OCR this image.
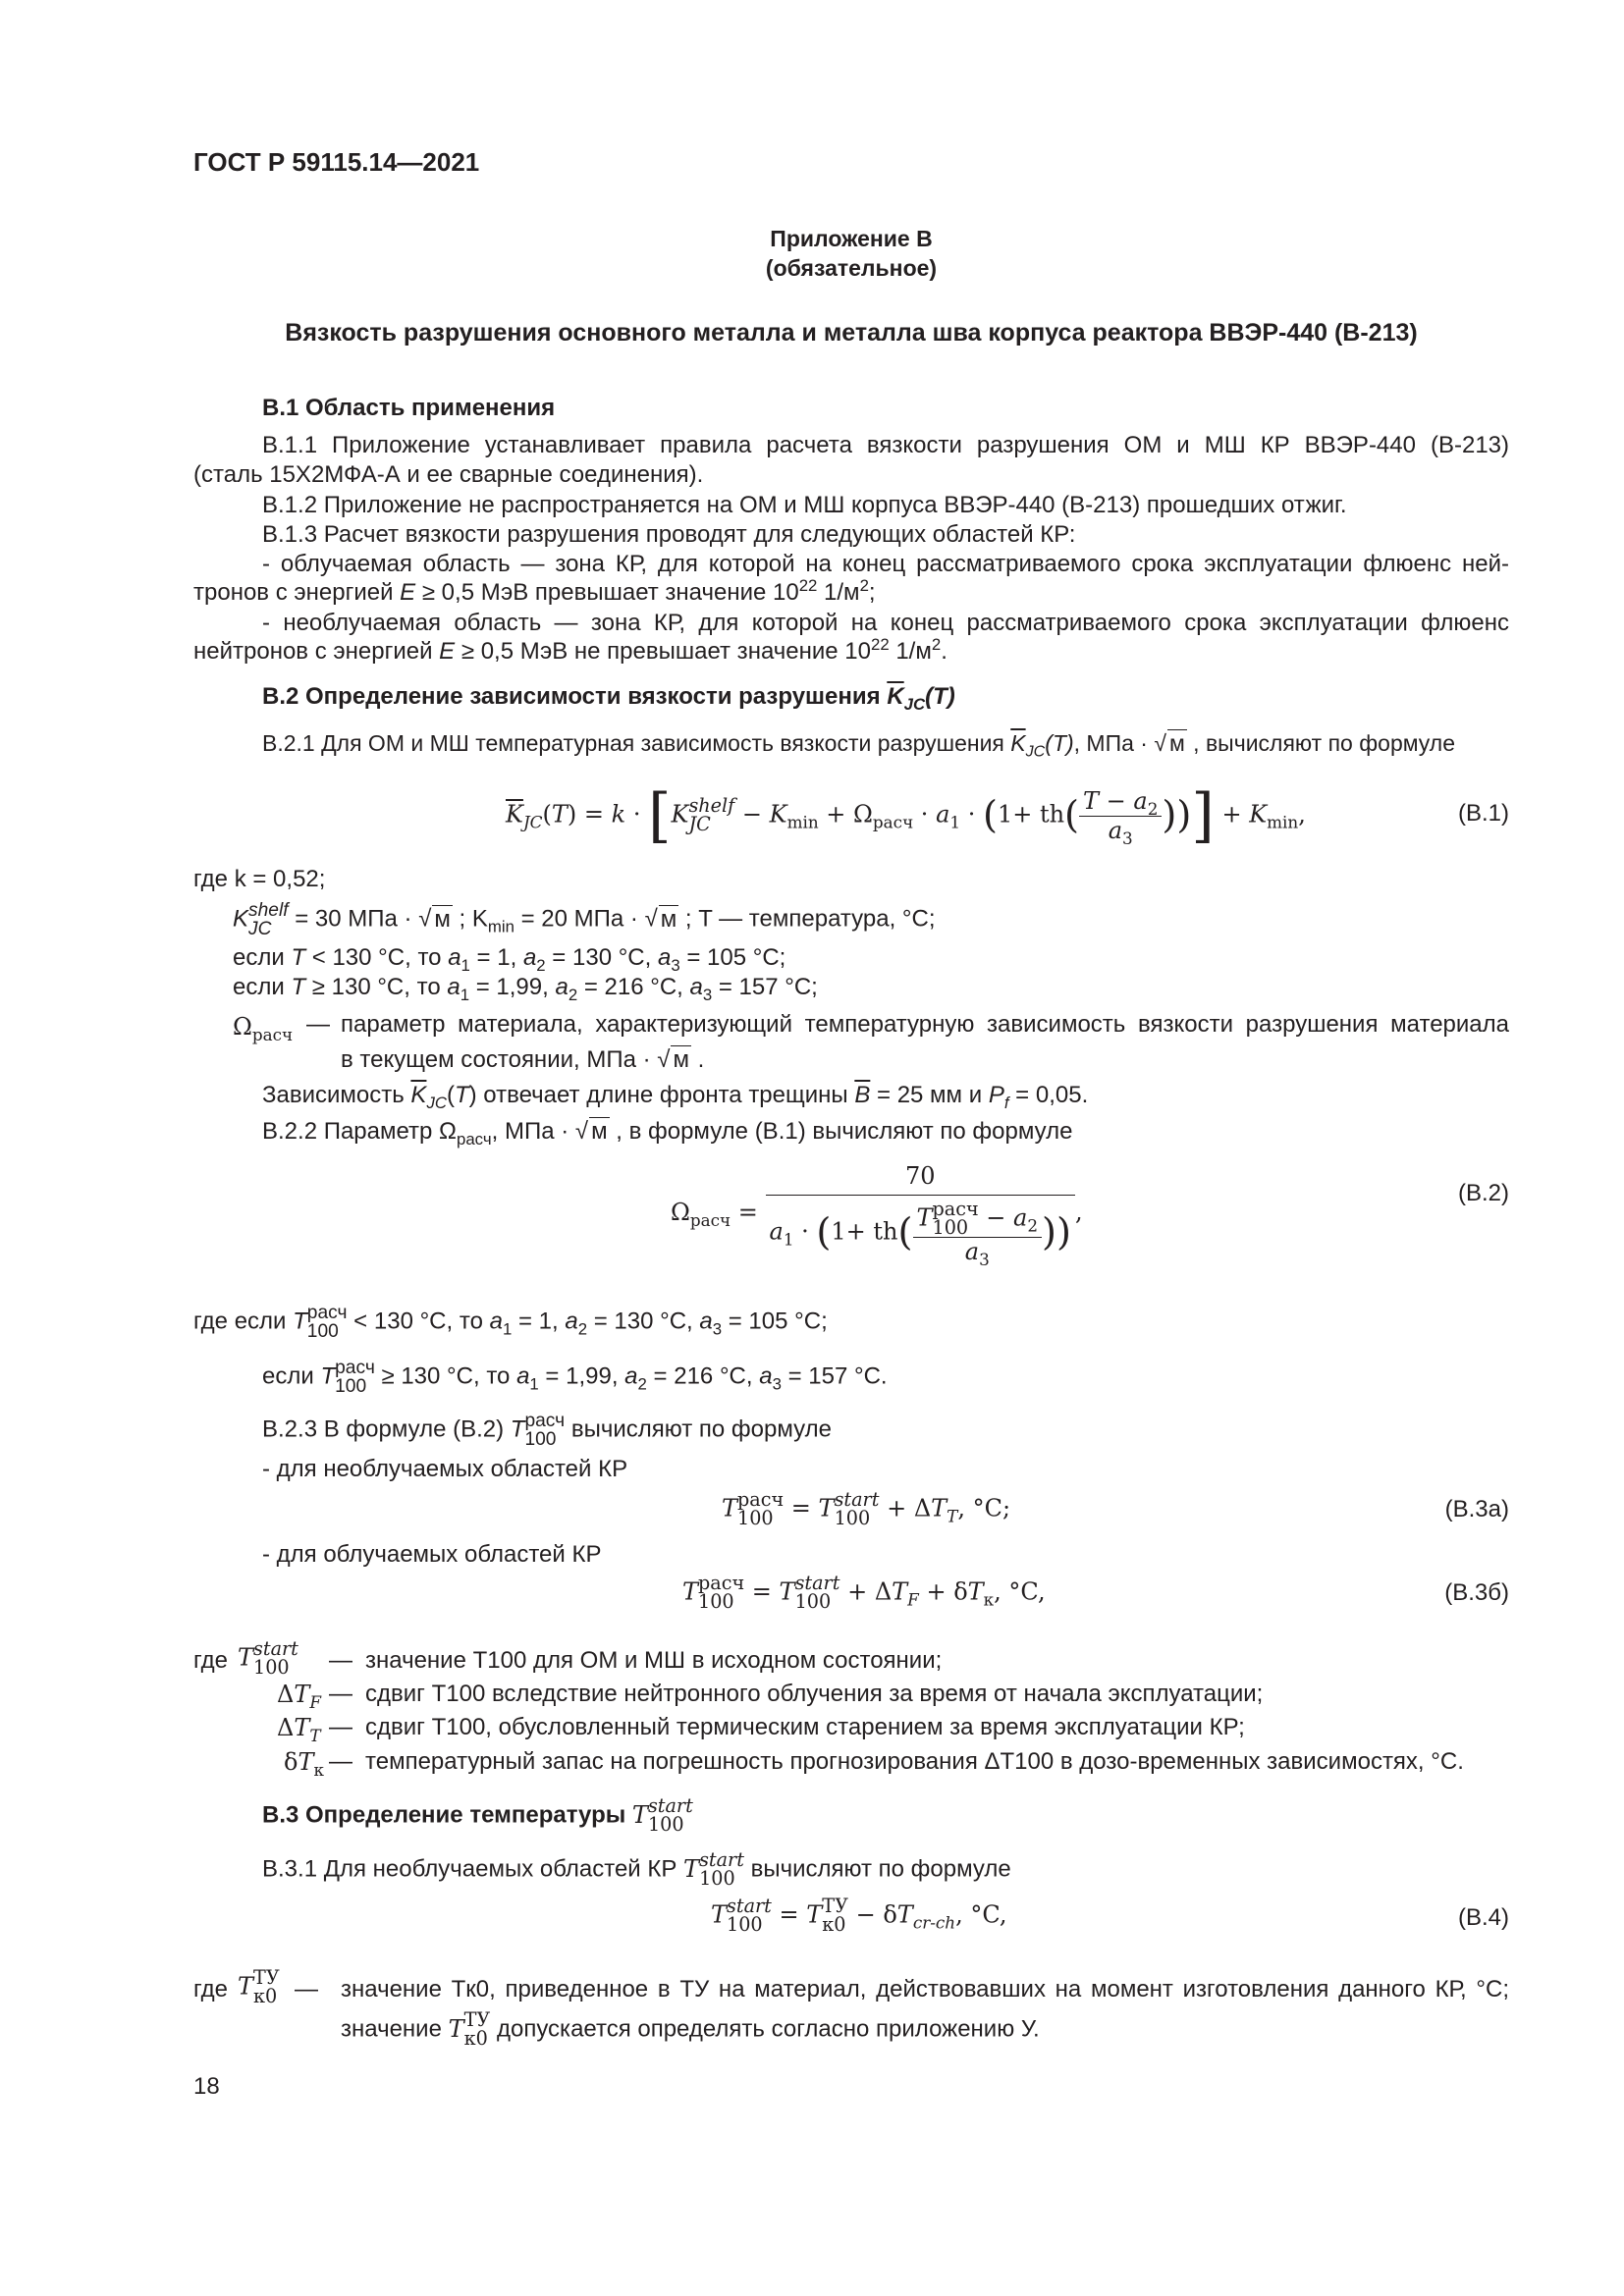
ГОСТ Р 59115.14—2021
Приложение В
(обязательное)
Вязкость разрушения основного металла и металла шва корпуса реактора ВВЭР-440 (В-213)
В.1 Область применения
В.1.1 Приложение устанавливает правила расчета вязкости разрушения ОМ и МШ КР ВВЭР-440 (В-213)
(сталь 15Х2МФА-А и ее сварные соединения).
В.1.2 Приложение не распространяется на ОМ и МШ корпуса ВВЭР-440 (В-213) прошедших отжиг.
В.1.3 Расчет вязкости разрушения проводят для следующих областей КР:
- облучаемая область — зона КР, для которой на конец рассматриваемого срока эксплуатации флюенс ней-
тронов с энергией E ≥ 0,5 МэВ превышает значение $10^{22}$ $1/м^2$;
- необлучаемая область — зона КР, для которой на конец рассматриваемого срока эксплуатации флюенс
нейтронов с энергией E ≥ 0,5 МэВ не превышает значение $10^{22}$ $1/м^2$.
В.2 Определение зависимости вязкости разрушения $\overline{K}_{JC}(T)$
В.2.1 Для ОМ и МШ температурная зависимость вязкости разрушения $\overline{K}_{JC}(T)$, МПа · √ м , вычисляют по формуле
$\overline{K}_{JC}(T) = k \cdot [K$ shelf
JC	− $K_{min} + \Omega_{расч} \cdot a_1 \cdot (1+ th( \frac{T - a_2}{a_3}$ ))] + $K_{min}$,	(В.1)
где k = 0,52;
K shelf
JC = 30 МПа · √ м ; $K_{min} = 20$ МПа · √ м ; T — температура, °C;
если T < 130 °C, то $a_1 = 1$, $a_2 = 130$ °C, $a_3 = 105$ °C;
если T ≥ 130 °C, то $a_1 = 1,99$, $a_2 = 216$ °C, $a_3 = 157$ °C;
$\Omega_{расч}$ — параметр материала, характеризующий температурную зависимость вязкости разрушения материала
в текущем состоянии, МПа · √ м .
Зависимость $\overline{K}_{JC}(T)$ отвечает длине фронта трещины $\overline{B} = 25$ мм и $P_f = 0,05$.
В.2.2 Параметр $\Omega_{расч}$, МПа · √ м , в формуле (В.1) вычисляют по формуле
$\Omega_{расч} = 70$
$a_1 \cdot (1+ th$( T расч
$100 - a_2$
$a_3$ )) ,
(В.2)
где если T расч
100 < 130 °C, то $a_1 = 1$, $a_2 = 130$ °C, $a_3 = 105$ °C;
если T расч
100 ≥ 130 °C, то $a_1 = 1,99$, $a_2 = 216$ °C, $a_3 = 157$ °C.
В.2.3 В формуле (В.2) T расч
100 вычисляют по формуле
- для необлучаемых областей КР
T расч
100 = T start
$100 + \Delta T_T$, °C;	(В.3а)
- для облучаемых областей КР
T расч
100 = T start
$100 + \Delta T_F + \delta T_к$, °C,	(В.3б)
где T start
100	— значение T100 для ОМ и МШ в исходном состоянии;
$\Delta T_F$ — сдвиг T100 вследствие нейтронного облучения за время от начала эксплуатации;
$\Delta T_T$ — сдвиг T100, обусловленный термическим старением за время эксплуатации КР;
$\delta T_к$ — температурный запас на погрешность прогнозирования ΔT100 в дозо-временных зависимостях, °C.
В.3 Определение температуры T start
100
В.3.1 Для необлучаемых областей КР T start
100 вычисляют по формуле
T start
100 = T ТУ
$к0 - \delta T_{cr-ch}$, °C,	(В.4)
где T ТУ
к0 — значение Tк0, приведенное в ТУ на материал, действовавших на момент изготовления данного КР, °C;
значение T ТУ
к0 допускается определять согласно приложению У.
18
